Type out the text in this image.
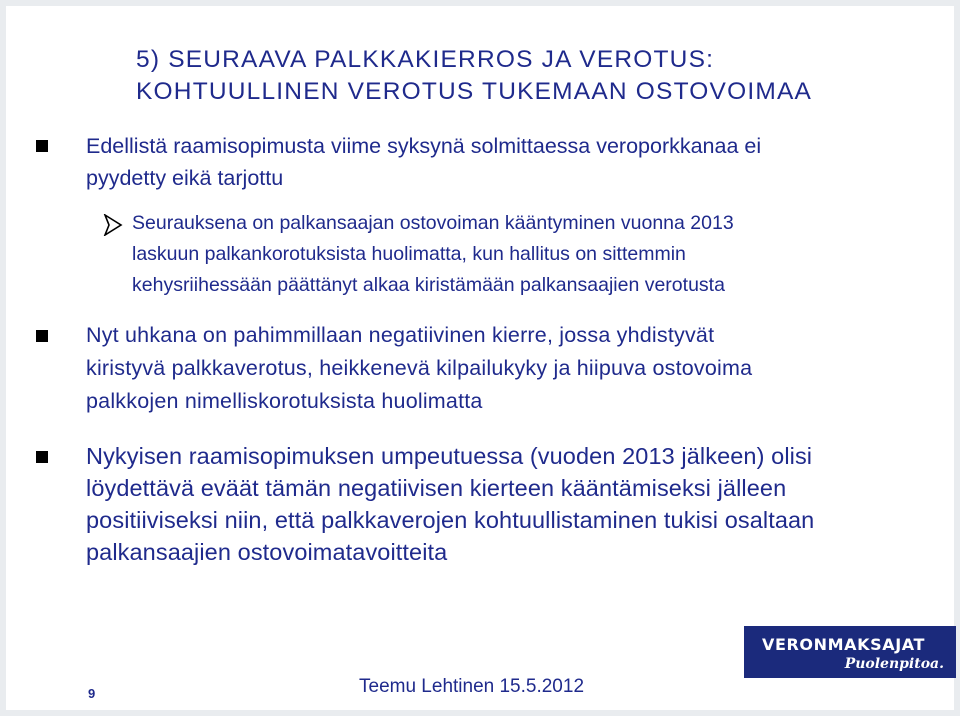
5) SEURAAVA PALKKAKIERROS JA VEROTUS:
KOHTUULLINEN VEROTUS TUKEMAAN OSTOVOIMAA
Edellistä raamisopimusta viime syksynä solmittaessa veroporkkanaa ei
pyydetty eikä tarjottu
Seurauksena on palkansaajan ostovoiman kääntyminen vuonna 2013
laskuun palkankorotuksista huolimatta, kun hallitus on sittemmin
kehysriihessään päättänyt alkaa kiristämään palkansaajien verotusta
Nyt uhkana on pahimmillaan negatiivinen kierre, jossa yhdistyvät
kiristyvä palkkaverotus, heikkenevä kilpailukyky ja hiipuva ostovoima
palkkojen nimelliskorotuksista huolimatta
Nykyisen raamisopimuksen umpeutuessa (vuoden 2013 jälkeen) olisi
löydettävä eväät tämän negatiivisen kierteen kääntämiseksi jälleen
positiiviseksi niin, että palkkaverojen kohtuullistaminen tukisi osaltaan
palkansaajien ostovoimatavoitteita
VERONMAKSAJAT
Puolenpitoa.
Teemu Lehtinen 15.5.2012
9
